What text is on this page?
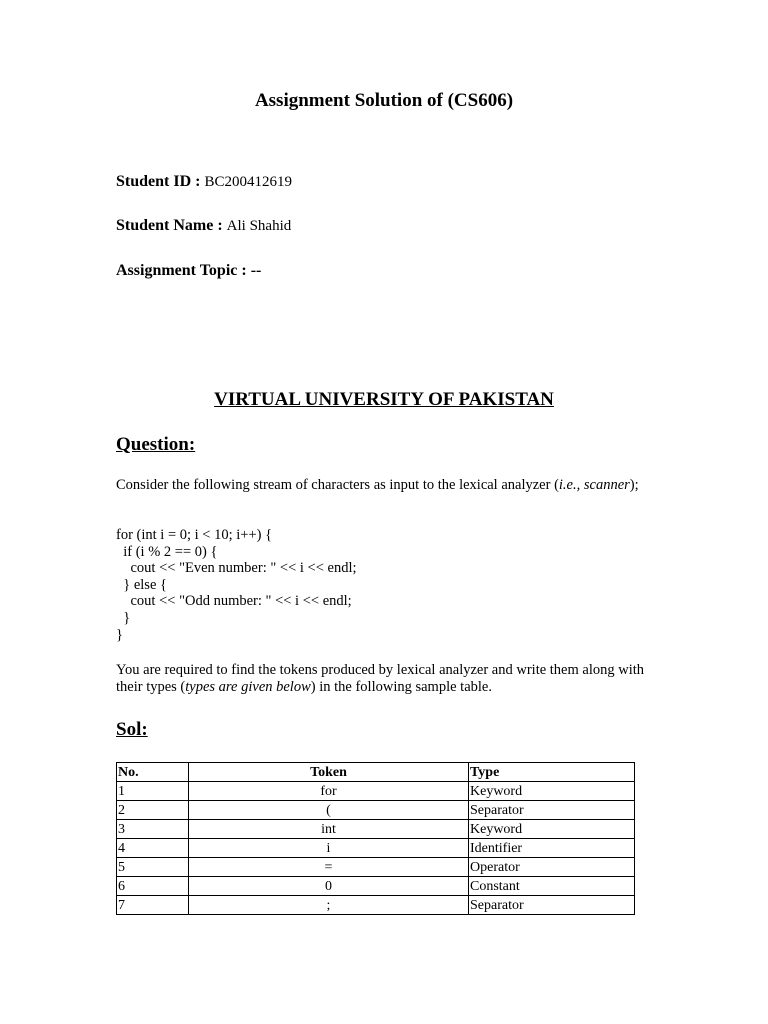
Assignment Solution of (CS606)
Student ID : BC200412619
Student Name : Ali Shahid
Assignment Topic : --
VIRTUAL UNIVERSITY OF PAKISTAN
Question:
Consider the following stream of characters as input to the lexical analyzer (i.e., scanner);
for (int i = 0; i < 10; i++) {
if (i % 2 == 0) {
cout << "Even number: " << i << endl;
} else {
cout << "Odd number: " << i << endl;
}
}
You are required to find the tokens produced by lexical analyzer and write them along with their types (types are given below) in the following sample table.
Sol:
No.	Token	Type
1	for	Keyword
2	(	Separator
3	int	Keyword
4	i	Identifier
5	=	Operator
6	0	Constant
7	;	Separator
